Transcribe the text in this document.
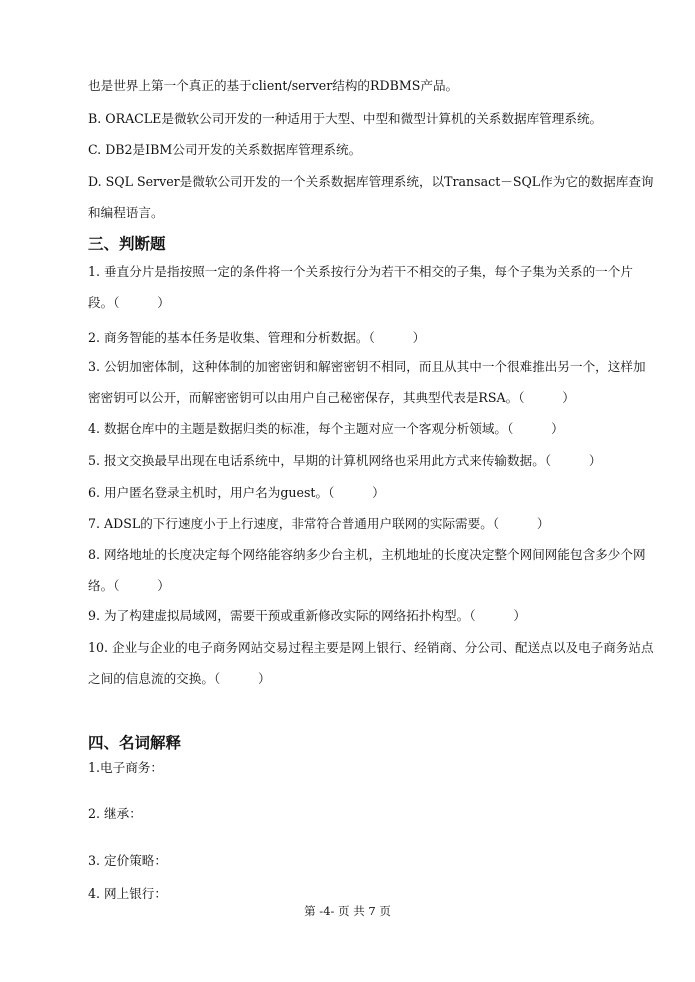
也是世界上第一个真正的基于client/server结构的RDBMS产品。
B. ORACLE是微软公司开发的一种适用于大型、中型和微型计算机的关系数据库管理系统。
C. DB2是IBM公司开发的关系数据库管理系统。
D. SQL Server是微软公司开发的一个关系数据库管理系统，以Transact－SQL作为它的数据库查询和编程语言。
三、判断题
1. 垂直分片是指按照一定的条件将一个关系按行分为若干不相交的子集，每个子集为关系的一个片段。（　　　）
2. 商务智能的基本任务是收集、管理和分析数据。（　　　）
3. 公钥加密体制，这种体制的加密密钥和解密密钥不相同，而且从其中一个很难推出另一个，这样加密密钥可以公开，而解密密钥可以由用户自己秘密保存，其典型代表是RSA。（　　　）
4. 数据仓库中的主题是数据归类的标准，每个主题对应一个客观分析领域。（　　　）
5. 报文交换最早出现在电话系统中，早期的计算机网络也采用此方式来传输数据。（　　　）
6. 用户匿名登录主机时，用户名为guest。（　　　）
7. ADSL的下行速度小于上行速度，非常符合普通用户联网的实际需要。（　　　）
8. 网络地址的长度决定每个网络能容纳多少台主机，主机地址的长度决定整个网间网能包含多少个网络。（　　　）
9. 为了构建虚拟局域网，需要干预或重新修改实际的网络拓扑构型。（　　　）
10. 企业与企业的电子商务网站交易过程主要是网上银行、经销商、分公司、配送点以及电子商务站点之间的信息流的交换。（　　　）
四、名词解释
1.电子商务：
2. 继承：
3. 定价策略：
4. 网上银行：
第 -4- 页 共 7 页
